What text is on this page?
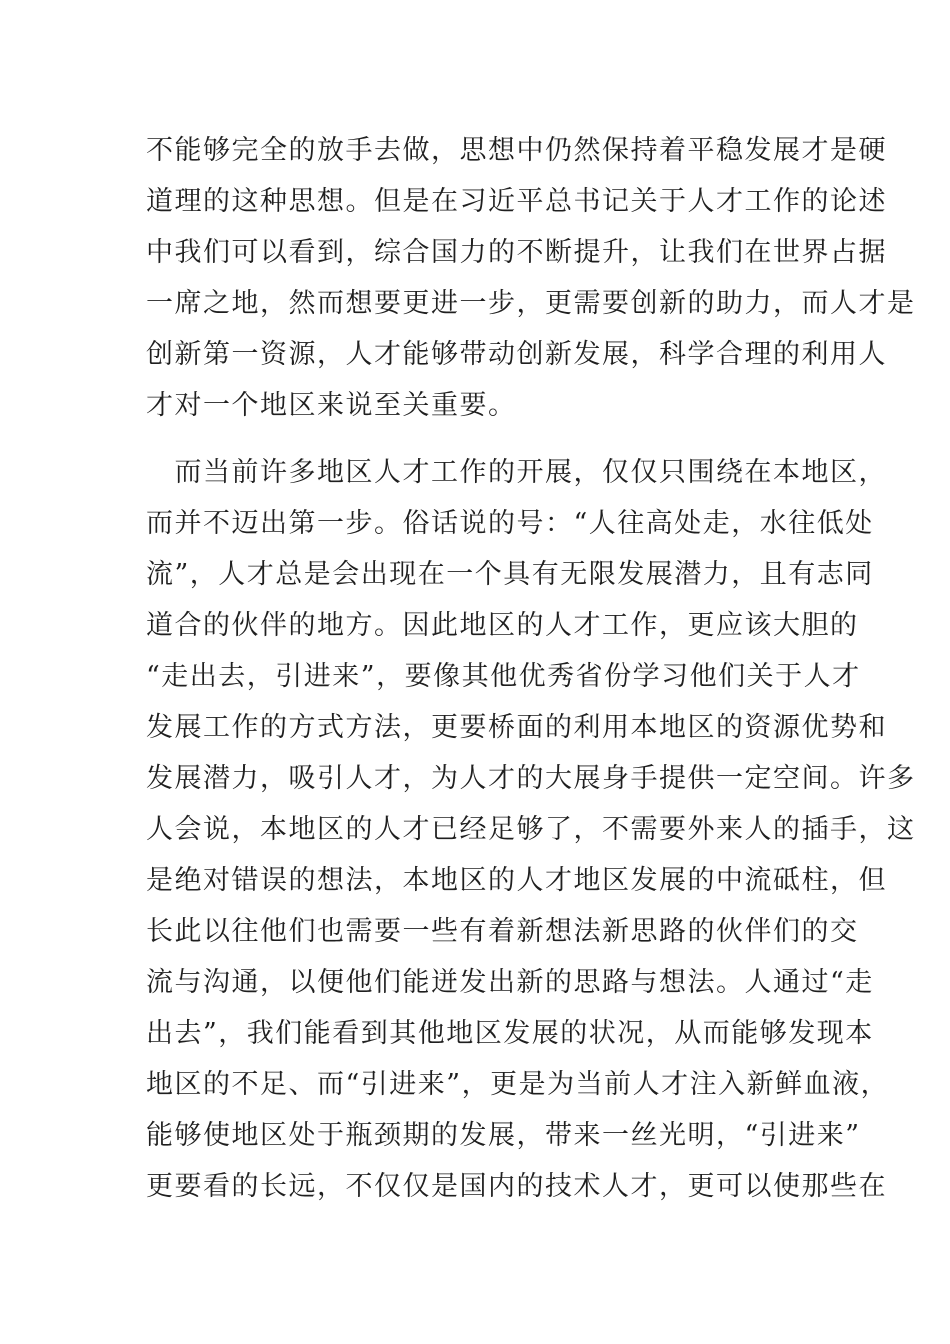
不能够完全的放手去做，思想中仍然保持着平稳发展才是硬
道理的这种思想。但是在习近平总书记关于人才工作的论述
中我们可以看到，综合国力的不断提升，让我们在世界占据
一席之地，然而想要更进一步，更需要创新的助力，而人才是
创新第一资源，人才能够带动创新发展，科学合理的利用人
才对一个地区来说至关重要。
　而当前许多地区人才工作的开展，仅仅只围绕在本地区，
而并不迈出第一步。俗话说的号：“人往高处走，水往低处
流”，人才总是会出现在一个具有无限发展潜力，且有志同
道合的伙伴的地方。因此地区的人才工作，更应该大胆的
“走出去，引进来”，要像其他优秀省份学习他们关于人才
发展工作的方式方法，更要桥面的利用本地区的资源优势和
发展潜力，吸引人才，为人才的大展身手提供一定空间。许多
人会说，本地区的人才已经足够了，不需要外来人的插手，这
是绝对错误的想法，本地区的人才地区发展的中流砥柱，但
长此以往他们也需要一些有着新想法新思路的伙伴们的交
流与沟通，以便他们能迸发出新的思路与想法。人通过“走
出去”，我们能看到其他地区发展的状况，从而能够发现本
地区的不足、而“引进来”，更是为当前人才注入新鲜血液，
能够使地区处于瓶颈期的发展，带来一丝光明，“引进来”
更要看的长远，不仅仅是国内的技术人才，更可以使那些在
